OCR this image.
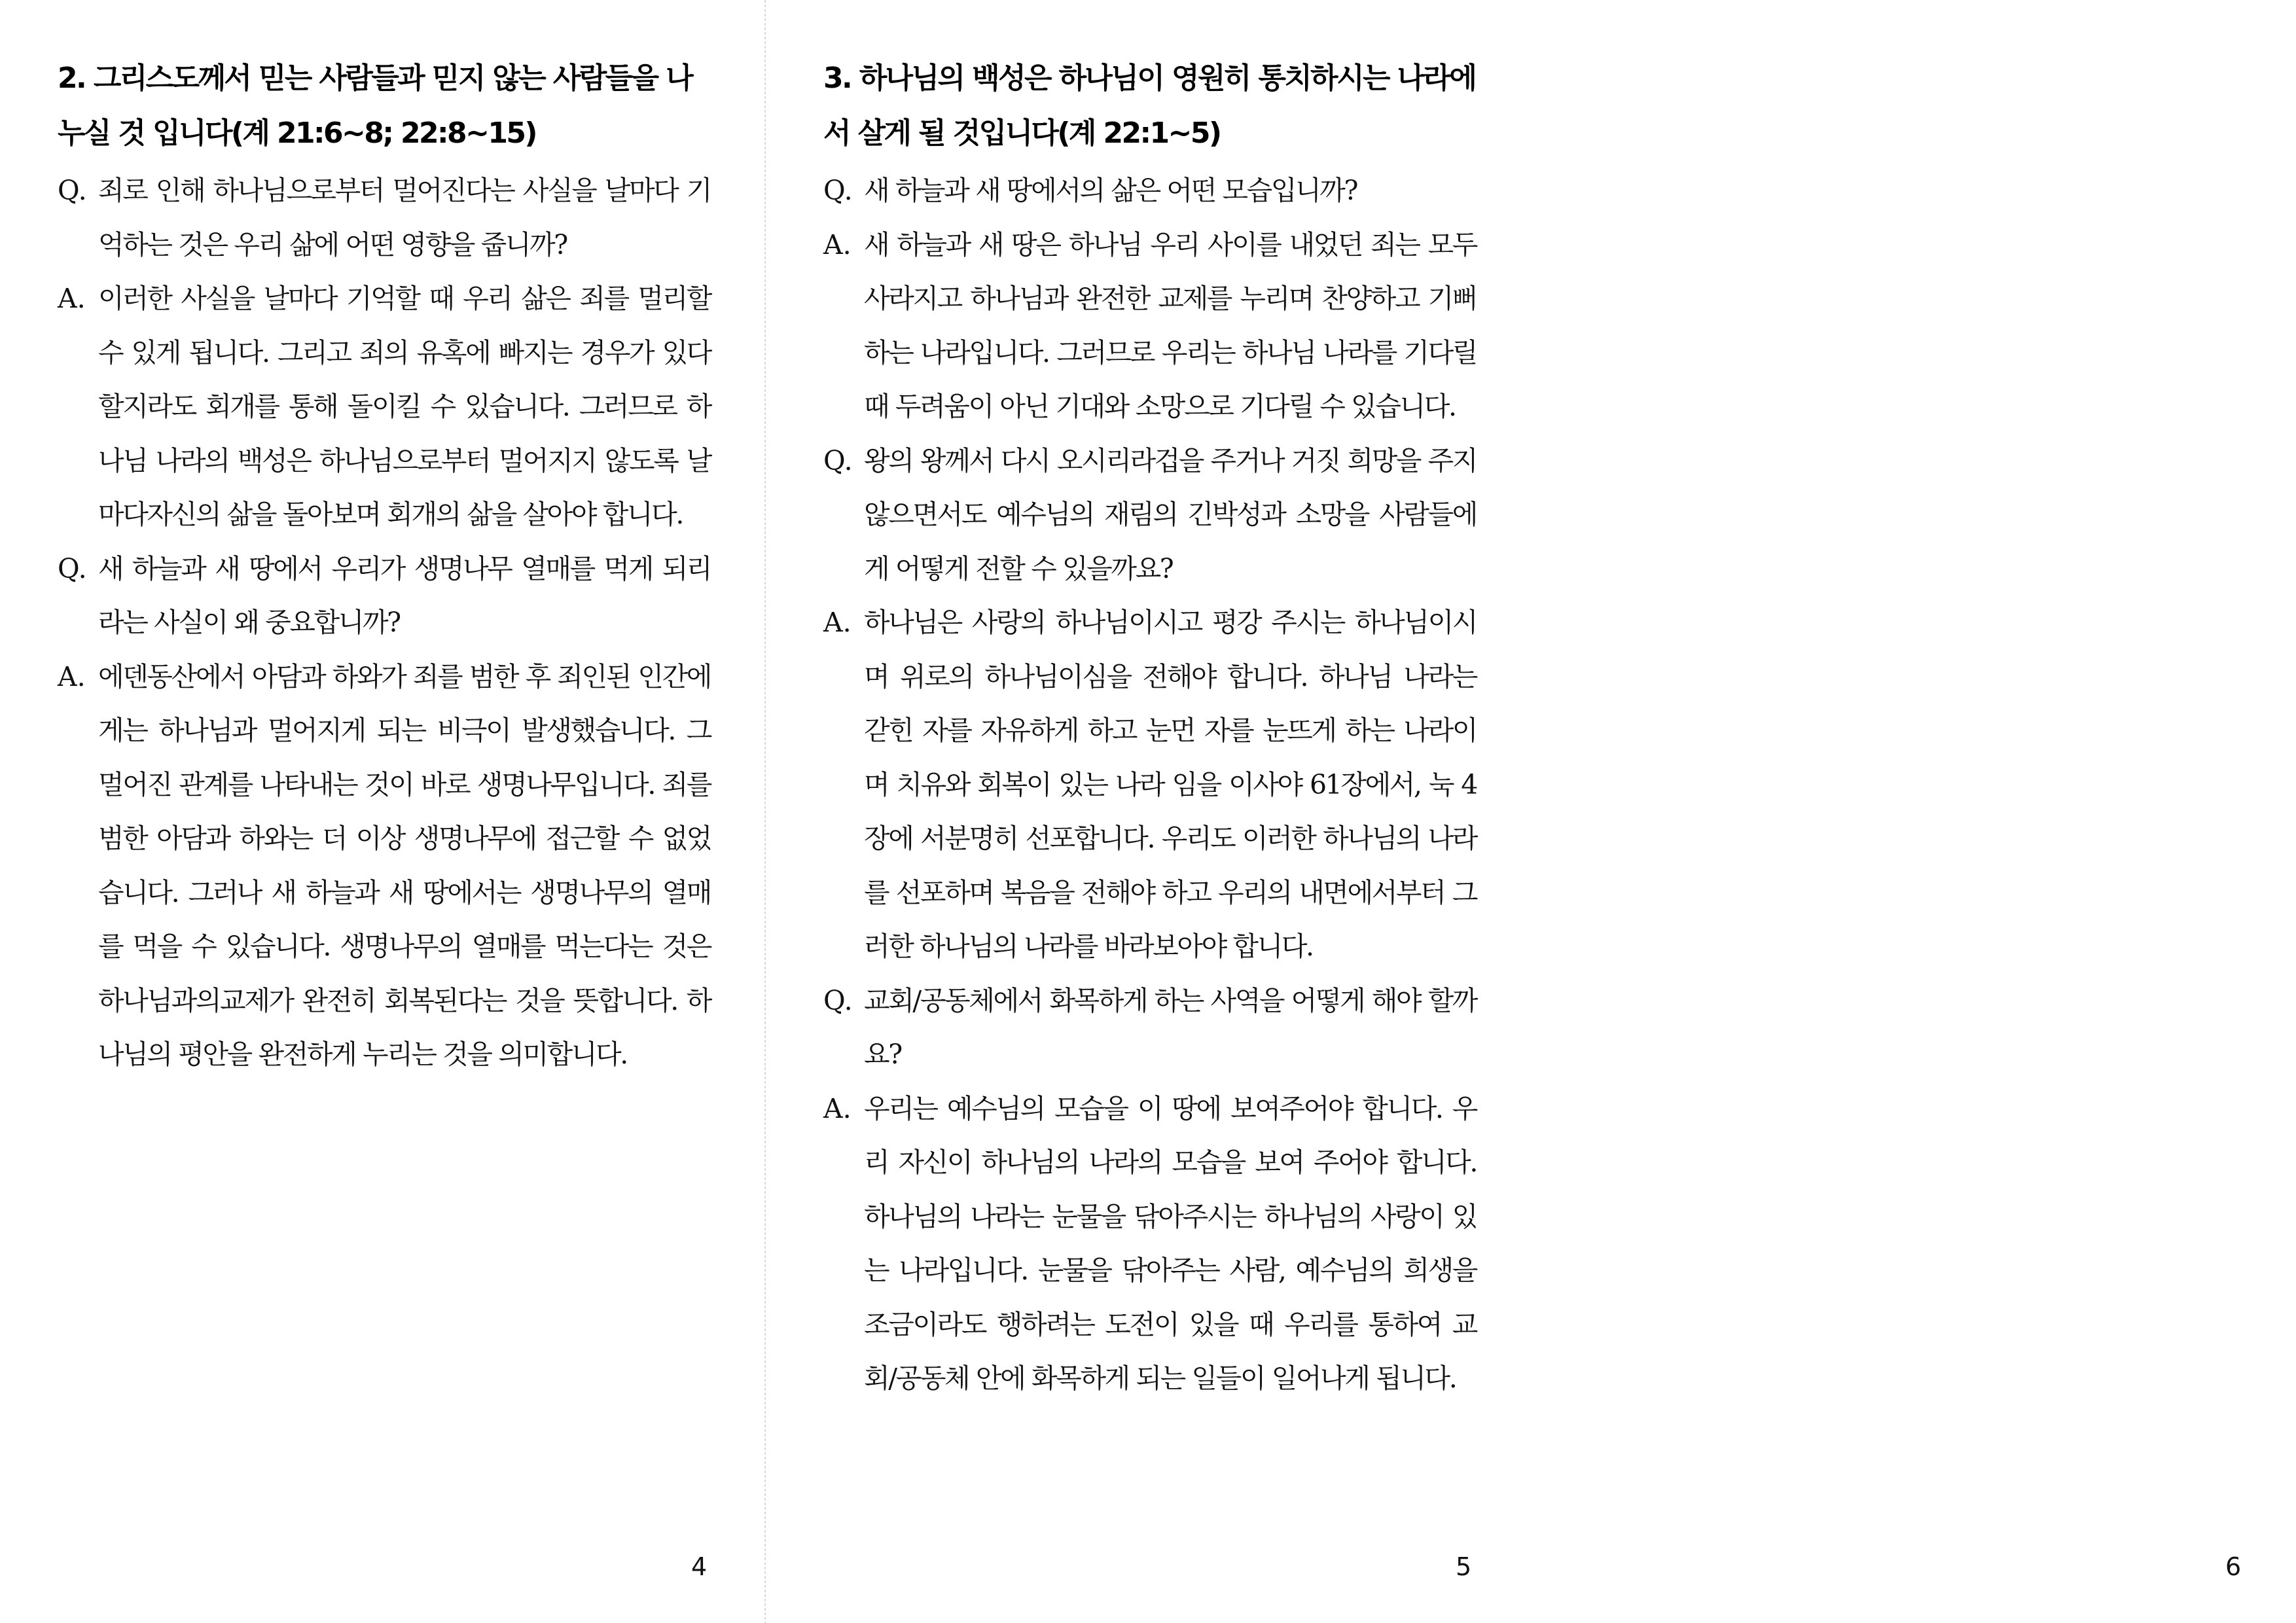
2. 그리스도께서 믿는 사람들과 믿지 않는 사람들을 나누실 것 입니다(계 21:6~8; 22:8~15)

Q. 죄로 인해 하나님으로부터 멀어진다는 사실을 날마다 기억하는 것은 우리 삶에 어떤 영향을 줍니까?

A. 이러한 사실을 날마다 기억할 때 우리 삶은 죄를 멀리할 수 있게 됩니다. 그리고 죄의 유혹에 빠지는 경우가 있다 할지라도 회개를 통해 돌이킬 수 있습니다. 그러므로 하나님 나라의 백성은 하나님으로부터 멀어지지 않도록 날마다자신의 삶을 돌아보며 회개의 삶을 살아야 합니다.

Q. 새 하늘과 새 땅에서 우리가 생명나무 열매를 먹게 되리라는 사실이 왜 중요합니까?

A. 에덴동산에서 아담과 하와가 죄를 범한 후 죄인된 인간에게는 하나님과 멀어지게 되는 비극이 발생했습니다. 그 멀어진 관계를 나타내는 것이 바로 생명나무입니다. 죄를 범한 아담과 하와는 더 이상 생명나무에 접근할 수 없었습니다. 그러나 새 하늘과 새 땅에서는 생명나무의 열매를 먹을 수 있습니다. 생명나무의 열매를 먹는다는 것은 하나님과의교제가 완전히 회복된다는 것을 뜻합니다. 하나님의 평안을 완전하게 누리는 것을 의미합니다.

4
3. 하나님의 백성은 하나님이 영원히 통치하시는 나라에서 살게 될 것입니다(계 22:1~5)

Q. 새 하늘과 새 땅에서의 삶은 어떤 모습입니까?

A. 새 하늘과 새 땅은 하나님 우리 사이를 내었던 죄는 모두 사라지고 하나님과 완전한 교제를 누리며 찬양하고 기뻐하는 나라입니다. 그러므로 우리는 하나님 나라를 기다릴 때 두려움이 아닌 기대와 소망으로 기다릴 수 있습니다.

Q. 왕의 왕께서 다시 오시리라겁을 주거나 거짓 희망을 주지 않으면서도 예수님의 재림의 긴박성과 소망을 사람들에게 어떻게 전할 수 있을까요?

A. 하나님은 사랑의 하나님이시고 평강 주시는 하나님이시며 위로의 하나님이심을 전해야 합니다. 하나님 나라는 갇힌 자를 자유하게 하고 눈먼 자를 눈뜨게 하는 나라이며 치유와 회복이 있는 나라 임을 이사야 61장에서, 눅 4장에 서분명히 선포합니다. 우리도 이러한 하나님의 나라를 선포하며 복음을 전해야 하고 우리의 내면에서부터 그러한 하나님의 나라를 바라보아야 합니다.

Q. 교회/공동체에서 화목하게 하는 사역을 어떻게 해야 할까요?

A. 우리는 예수님의 모습을 이 땅에 보여주어야 합니다. 우리 자신이 하나님의 나라의 모습을 보여 주어야 합니다. 하나님의 나라는 눈물을 닦아주시는 하나님의 사랑이 있는 나라입니다. 눈물을 닦아주는 사람, 예수님의 희생을 조금이라도 행하려는 도전이 있을 때 우리를 통하여 교회/공동체 안에 화목하게 되는 일들이 일어나게 됩니다.

5	6
